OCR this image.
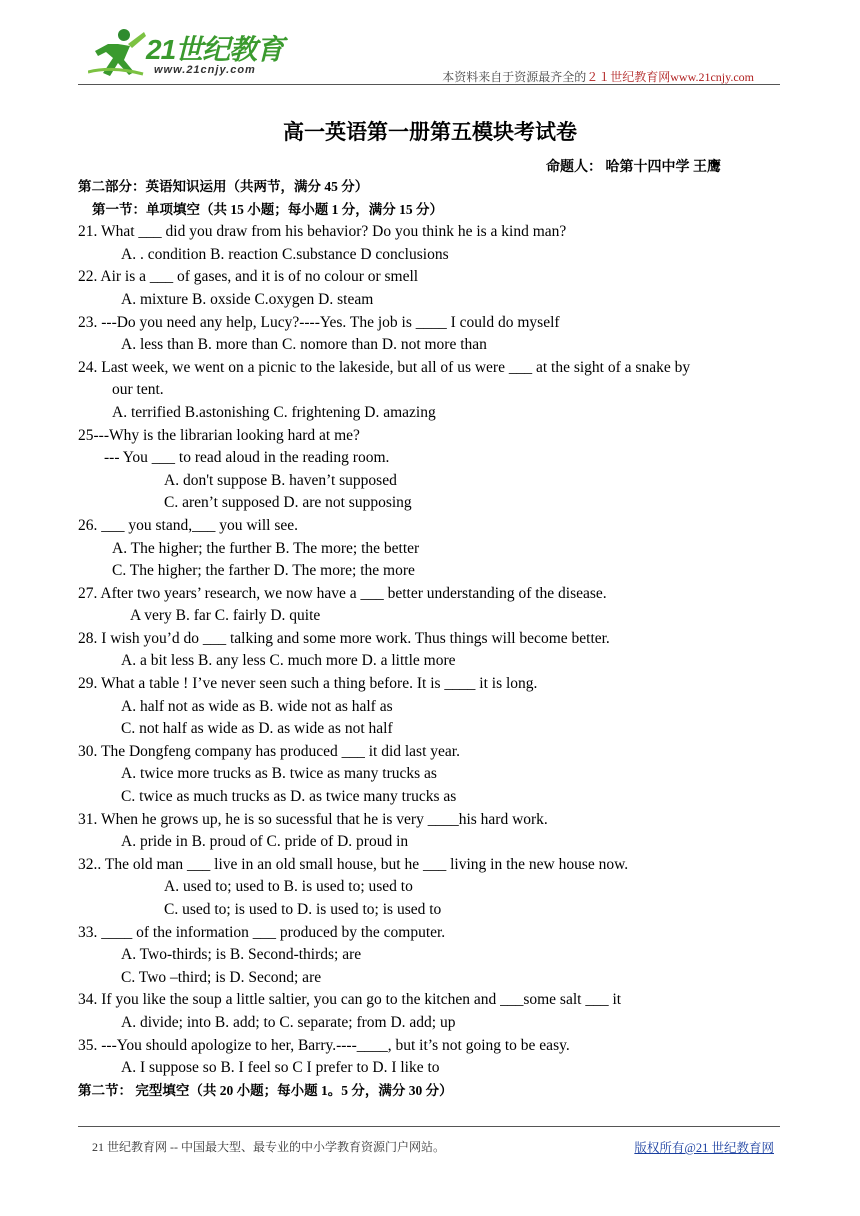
21世纪教育
www.21cnjy.com	本资料来自于资源最齐全的２１世纪教育网www.21cnjy.com
高一英语第一册第五模块考试卷
命题人： 哈第十四中学 王鹰
第二部分：英语知识运用（共两节，满分 45 分）
第一节：单项填空（共 15 小题；每小题 1 分，满分 15 分）
21. What ___ did you draw from his behavior? Do you think he is a kind man?
A. . condition B. reaction C.substance D conclusions
22. Air is a ___ of gases, and it is of no colour or smell
A. mixture B. oxside C.oxygen D. steam
23. ---Do you need any help, Lucy?----Yes. The job is ____ I could do myself
A. less than B. more than C. nomore than D. not more than
24. Last week, we went on a picnic to the lakeside, but all of us were ___ at the sight of a snake by
our tent.
A. terrified B.astonishing C. frightening D. amazing
25---Why is the librarian looking hard at me?
--- You ___ to read aloud in the reading room.
A. don't suppose B. haven’t supposed
C. aren’t supposed D. are not supposing
26. ___ you stand,___ you will see.
A. The higher; the further B. The more; the better
C. The higher; the farther D. The more; the more
27. After two years’ research, we now have a ___ better understanding of the disease.
A very B. far C. fairly D. quite
28. I wish you’d do ___ talking and some more work. Thus things will become better.
A. a bit less B. any less C. much more D. a little more
29. What a table ! I’ve never seen such a thing before. It is ____ it is long.
A. half not as wide as B. wide not as half as
C. not half as wide as D. as wide as not half
30. The Dongfeng company has produced ___ it did last year.
A. twice more trucks as B. twice as many trucks as
C. twice as much trucks as D. as twice many trucks as
31. When he grows up, he is so sucessful that he is very ____his hard work.
A. pride in B. proud of C. pride of D. proud in
32.. The old man ___ live in an old small house, but he ___ living in the new house now.
A. used to; used to B. is used to; used to
C. used to; is used to D. is used to; is used to
33. ____ of the information ___ produced by the computer.
A. Two-thirds; is B. Second-thirds; are
C. Two –third; is D. Second; are
34. If you like the soup a little saltier, you can go to the kitchen and ___some salt ___ it
A. divide; into B. add; to C. separate; from D. add; up
35. ---You should apologize to her, Barry.----____, but it’s not going to be easy.
A. I suppose so B. I feel so C I prefer to D. I like to
第二节： 完型填空（共 20 小题；每小题 1。5 分，满分 30 分）
21 世纪教育网 -- 中国最大型、最专业的中小学教育资源门户网站。	版权所有@21 世纪教育网
